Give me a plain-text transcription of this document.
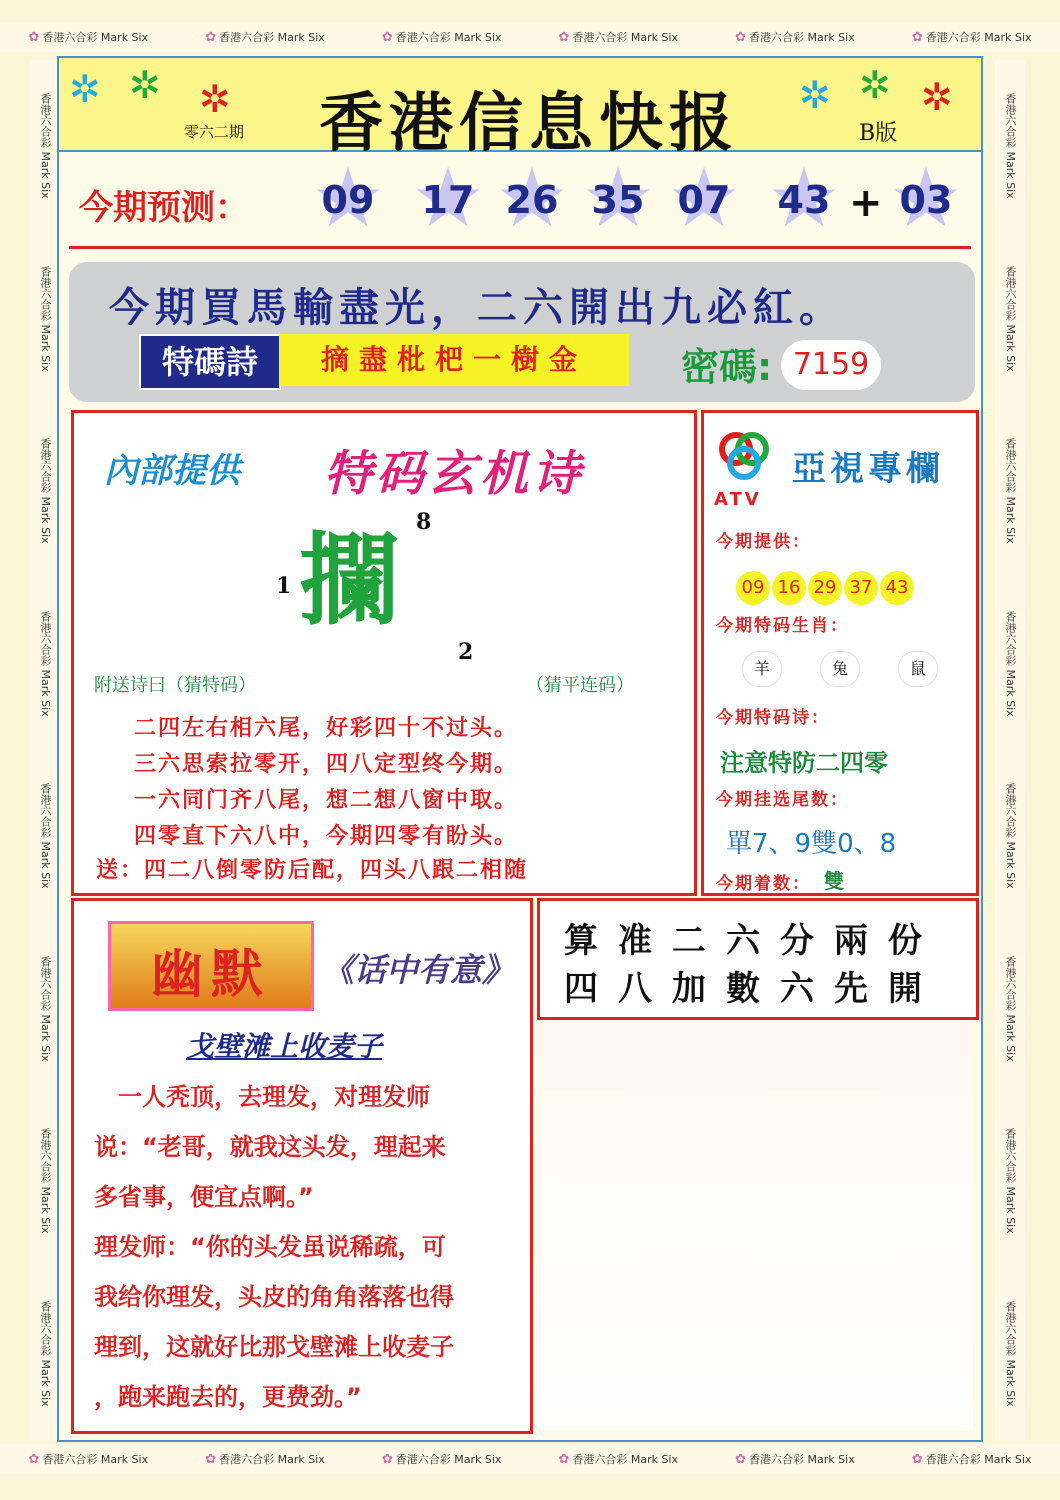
✿ 香港六合彩 Mark Six	✿ 香港六合彩 Mark Six	✿ 香港六合彩 Mark Six	✿ 香港六合彩 Mark Six	✿ 香港六合彩 Mark Six	✿ 香港六合彩 Mark Six
✿ 香港六合彩 Mark Six	✿ 香港六合彩 Mark Six	✿ 香港六合彩 Mark Six	✿ 香港六合彩 Mark Six	✿ 香港六合彩 Mark Six	✿ 香港六合彩 Mark Six
香港六合彩 Mark Six
香港六合彩 Mark Six
香港六合彩 Mark Six
香港六合彩 Mark Six
香港六合彩 Mark Six
香港六合彩 Mark Six
香港六合彩 Mark Six
香港六合彩 Mark Six
香港六合彩 Mark Six
香港六合彩 Mark Six
香港六合彩 Mark Six
香港六合彩 Mark Six
香港六合彩 Mark Six
香港六合彩 Mark Six
香港六合彩 Mark Six
香港六合彩 Mark Six
✲ ✲ ✲	✲ ✲ ✲
香港信息快报
零六二期	B版
今期预测：	★ 09	★ 17 ★ 26 ★ 35 ★ 07	★ 43 + ★ 03
今期買馬輸盡光，二六開出九必紅。
特碼詩	摘盡枇杷一樹金	密碼: 7159
內部提供 特码玄机诗
8
1 攔
2
附送诗曰（猜特码）	（猜平连码）
二四左右相六尾，好彩四十不过头。
三六思索拉零开，四八定型终今期。
一六同门齐八尾，想二想八窗中取。
四零直下六八中，今期四零有盼头。
送：四二八倒零防后配，四头八跟二相随
ATV
亞視專欄
今期提供：
09 16 29 37 43
今期特码生肖：
羊	兔	鼠
今期特码诗：
注意特防二四零
今期挂选尾数：
單7、9雙0、8
今期着数： 雙
幽默	《话中有意》
戈壁滩上收麦子
　一人秃顶，去理发，对理发师
说：“老哥，就我这头发，理起来
多省事，便宜点啊。”
理发师：“你的头发虽说稀疏，可
我给你理发，头皮的角角落落也得
理到，这就好比那戈壁滩上收麦子
，跑来跑去的，更费劲。”
算准二六分兩份
四八加數六先開
